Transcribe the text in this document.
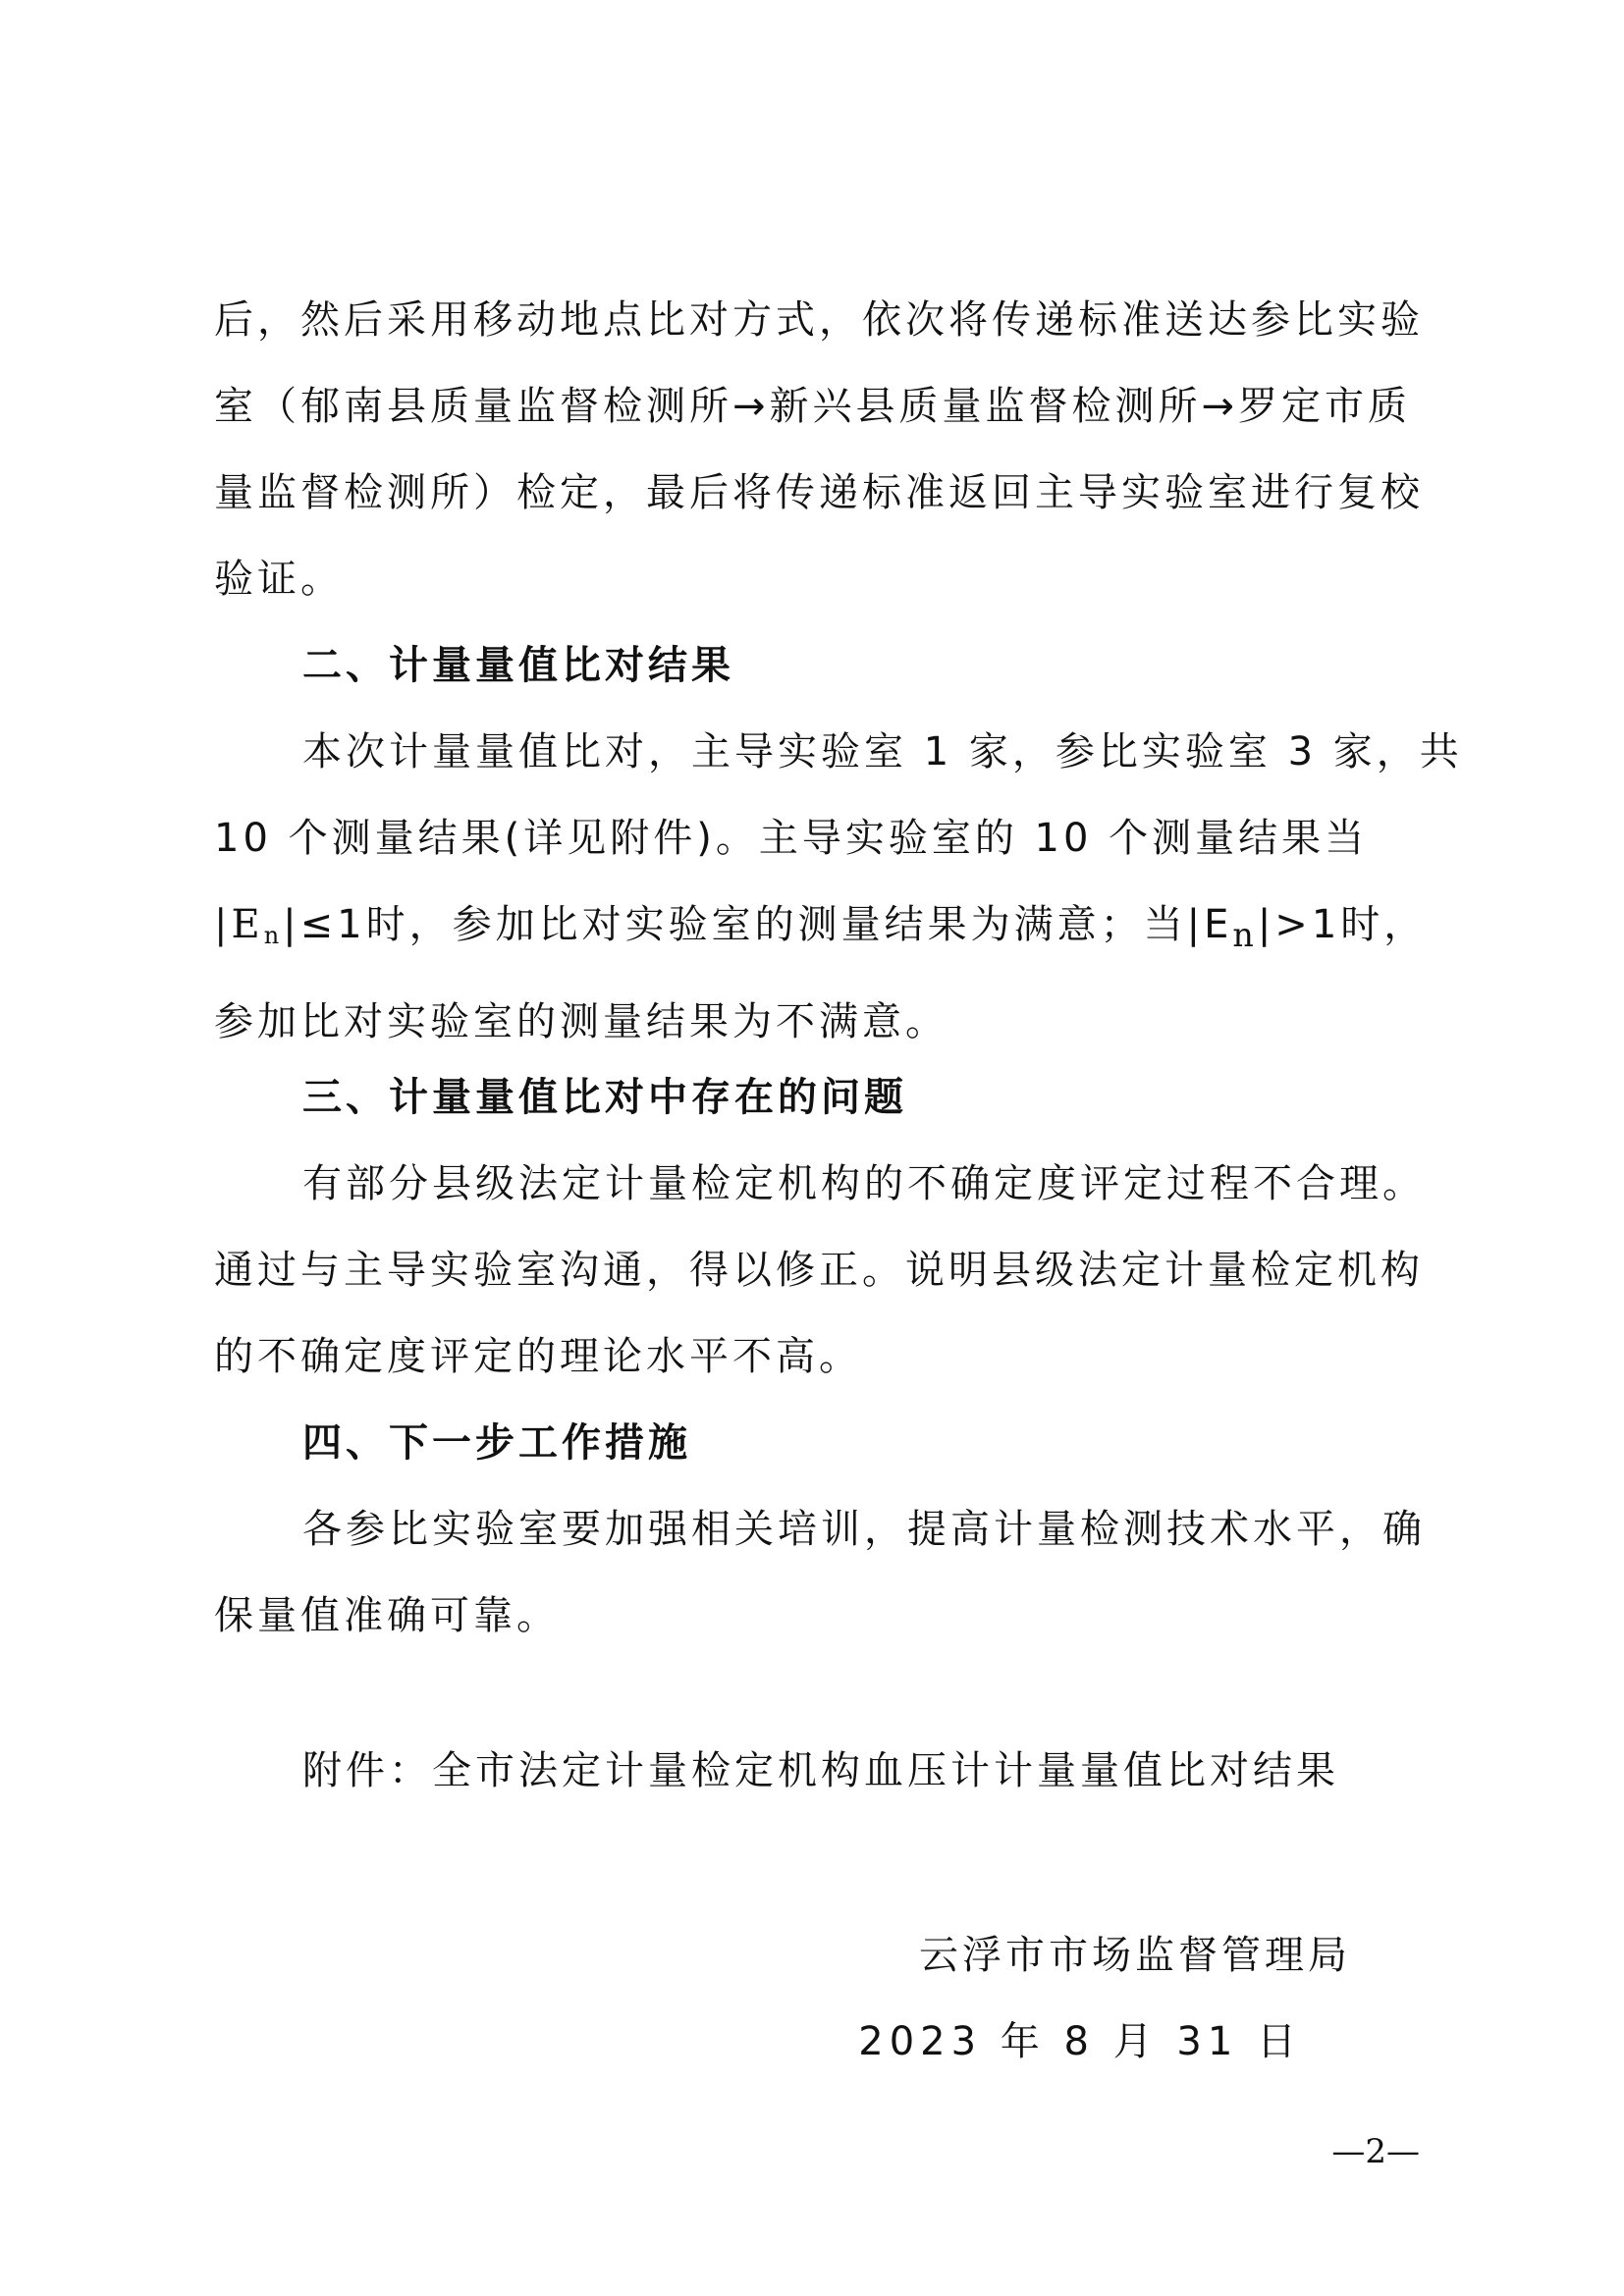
后，然后采用移动地点比对方式，依次将传递标准送达参比实验
室（郁南县质量监督检测所→新兴县质量监督检测所→罗定市质
量监督检测所）检定，最后将传递标准返回主导实验室进行复校
验证。

二、计量量值比对结果

本次计量量值比对，主导实验室 1 家，参比实验室 3 家，共
10 个测量结果(详见附件)。主导实验室的 10 个测量结果当
$|E_n|\le 1$时，参加比对实验室的测量结果为满意；当$|E_n|>1$时，
参加比对实验室的测量结果为不满意。

三、计量量值比对中存在的问题

有部分县级法定计量检定机构的不确定度评定过程不合理。
通过与主导实验室沟通，得以修正。说明县级法定计量检定机构
的不确定度评定的理论水平不高。

四、下一步工作措施

各参比实验室要加强相关培训，提高计量检测技术水平，确
保量值准确可靠。

附件：全市法定计量检定机构血压计计量量值比对结果
云浮市市场监督管理局
2023 年 8 月 31 日
—2—
